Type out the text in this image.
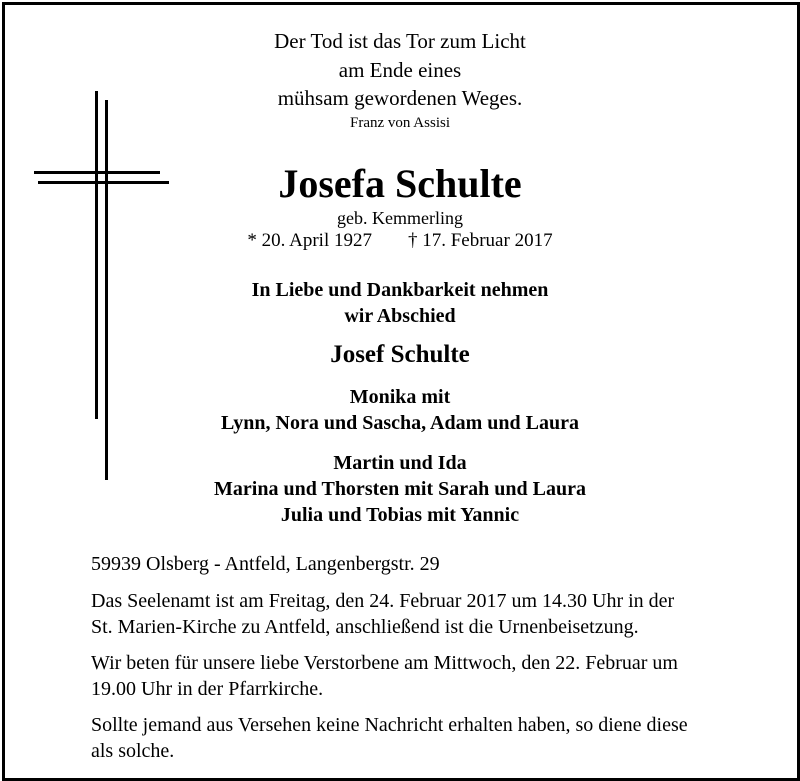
Der Tod ist das Tor zum Licht
am Ende eines
mühsam gewordenen Weges.
Franz von Assisi
Josefa Schulte
geb. Kemmerling
* 20. April 1927 † 17. Februar 2017
In Liebe und Dankbarkeit nehmen
wir Abschied
Josef Schulte
Monika mit
Lynn, Nora und Sascha, Adam und Laura
Martin und Ida
Marina und Thorsten mit Sarah und Laura
Julia und Tobias mit Yannic
59939 Olsberg - Antfeld, Langenbergstr. 29
Das Seelenamt ist am Freitag, den 24. Februar 2017 um 14.30 Uhr in der
St. Marien-Kirche zu Antfeld, anschließend ist die Urnenbeisetzung.
Wir beten für unsere liebe Verstorbene am Mittwoch, den 22. Februar um
19.00 Uhr in der Pfarrkirche.
Sollte jemand aus Versehen keine Nachricht erhalten haben, so diene diese
als solche.
